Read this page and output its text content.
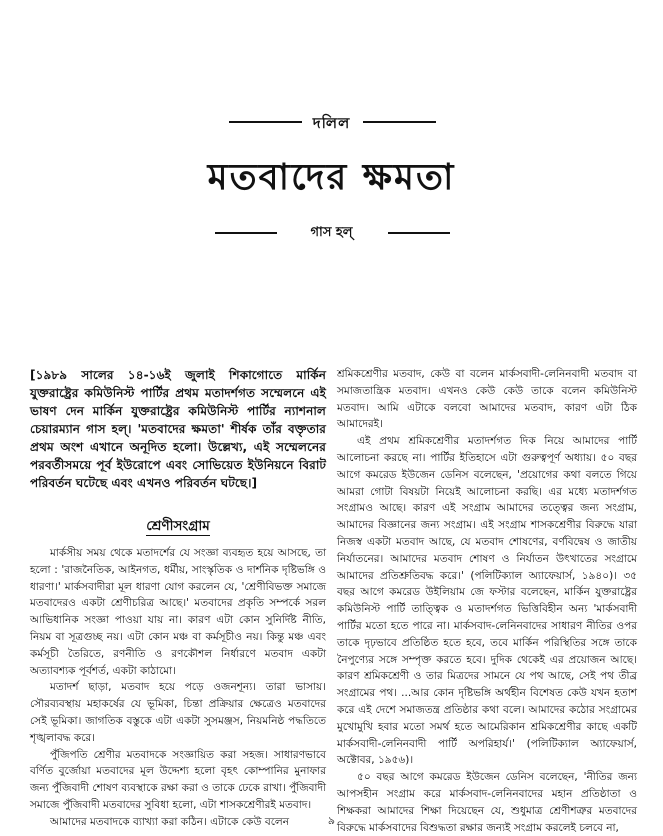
দলিল
মতবাদের ক্ষমতা
গাস হল্
[১৯৮৯ সালের ১৪-১৬ই জুলাই শিকাগোতে মার্কিন যুক্তরাষ্ট্রের কমিউনিস্ট পার্টির প্রথম মতাদর্শগত সম্মেলনে এই ভাষণ দেন মার্কিন যুক্তরাষ্ট্রের কমিউনিস্ট পার্টির ন্যাশনাল চেয়ারম্যান গাস হল্। 'মতবাদের ক্ষমতা' শীর্ষক তাঁর বক্তৃতার প্রথম অংশ এখানে অনূদিত হলো। উল্লেখ্য, এই সম্মেলনের পরবর্তীসময়ে পূর্ব ইউরোপে এবং সোভিয়েত ইউনিয়নে বিরাট পরিবর্তন ঘটেছে এবং এখনও পরিবর্তন ঘটছে।]
শ্রেণীসংগ্রাম

মার্কসীয় সময় থেকে মতাদর্শের যে সংজ্ঞা ব্যবহৃত হয়ে আসছে, তা হলো : 'রাজনৈতিক, আইনগত, ধর্মীয়, সাংস্কৃতিক ও দার্শনিক দৃষ্টিভঙ্গি ও ধারণা।' মার্কসবাদীরা মূল ধারণা যোগ করলেন যে, 'শ্রেণীবিভক্ত সমাজে মতবাদেরও একটা শ্রেণীচরিত্র আছে।' মতবাদের প্রকৃতি সম্পর্কে সরল আভিধানিক সংজ্ঞা পাওয়া যায় না। কারণ এটা কোন সুনির্দিষ্ট নীতি, নিয়ম বা সূত্রগুচ্ছ নয়। এটা কোন মঞ্চ বা কর্মসূচীও নয়। কিন্তু মঞ্চ এবং কর্মসূচী তৈরিতে, রণনীতি ও রণকৌশল নির্ধারণে মতবাদ একটা অত্যাবশ্যক পূর্বশর্ত, একটা কাঠামো।

মতাদর্শ ছাড়া, মতবাদ হয়ে পড়ে ওজনশূন্য। তারা ভাসায়। সৌরব্যবস্থায় মহাকর্ষের যে ভূমিকা, চিন্তা প্রক্রিয়ার ক্ষেত্রেও মতবাদের সেই ভূমিকা। জাগতিক বস্তুকে এটা একটা সুসমঞ্জস, নিয়মনিষ্ঠ পদ্ধতিতে শৃঙ্খলাবদ্ধ করে।

পুঁজিপতি শ্রেণীর মতবাদকে সংজ্ঞায়িত করা সহজ। সাধারণভাবে বর্ণিত বুর্জোয়া মতবাদের মূল উদ্দেশ্য হলো বৃহৎ কোম্পানির মুনাফার জন্য পুঁজিবাদী শোষণ ব্যবস্থাকে রক্ষা করা ও তাকে ঢেকে রাখা। পুঁজিবাদী সমাজে পুঁজিবাদী মতবাদের সুবিধা হলো, এটা শাসকশ্রেণীরই মতবাদ।

আমাদের মতবাদকে ব্যাখ্যা করা কঠিন। এটাকে কেউ বলেন

শ্রমিকশ্রেণীর মতবাদ, কেউ বা বলেন মার্কসবাদী-লেনিনবাদী মতবাদ বা সমাজতান্ত্রিক মতবাদ। এখনও কেউ কেউ তাকে বলেন কমিউনিস্ট মতবাদ। আমি এটাকে বলবো আমাদের মতবাদ, কারণ এটা ঠিক আমাদেরই।

এই প্রথম শ্রমিকশ্রেণীর মতাদর্শগত দিক নিয়ে আমাদের পার্টি আলোচনা করছে না। পার্টির ইতিহাসে এটা গুরুত্বপূর্ণ অধ্যায়। ৫০ বছর আগে কমরেড ইউজেন ডেনিস বলেছেন, 'প্রয়োগের কথা বলতে গিয়ে আমরা গোটা বিষয়টা নিয়েই আলোচনা করছি। এর মধ্যে মতাদর্শগত সংগ্রামও আছে। কারণ এই সংগ্রাম আমাদের তত্ত্বের জন্য সংগ্রাম, আমাদের বিজ্ঞানের জন্য সংগ্রাম। এই সংগ্রাম শাসকশ্রেণীর বিরুদ্ধে যারা নিজস্ব একটা মতবাদ আছে, যে মতবাদ শোষণের, বর্ণবিদ্বেষ ও জাতীয় নির্যাতনের। আমাদের মতবাদ শোষণ ও নির্যাতন উৎখাতের সংগ্রামে আমাদের প্রতিশ্রুতিবদ্ধ করে।' (পলিটিক্যাল অ্যাফেয়ার্স, ১৯৪০)। ৩৫ বছর আগে কমরেড উইলিয়াম জে ফস্টার বলেছেন, মার্কিন যুক্তরাষ্ট্রের কমিউনিস্ট পার্টি তাত্ত্বিক ও মতাদর্শগত ভিত্তিবিহীন অন্য 'মার্কসবাদী পার্টির মতো হতে পারে না। মার্কসবাদ-লেনিনবাদের সাধারণ নীতির ওপর তাকে দৃঢ়ভাবে প্রতিষ্ঠিত হতে হবে, তবে মার্কিন পরিস্থিতির সঙ্গে তাকে নৈপুণ্যের সঙ্গে সম্পৃক্ত করতে হবে। দুদিক থেকেই এর প্রয়োজন আছে। কারণ শ্রমিকশ্রেণী ও তার মিত্রদের সামনে যে পথ আছে, সেই পথ তীব্র সংগ্রামের পথ। ...আর কোন দৃষ্টিভঙ্গি অর্থহীন বিশেষত কেউ যখন হতাশ করে এই দেশে সমাজতন্ত্র প্রতিষ্ঠার কথা বলে। আমাদের কঠোর সংগ্রামের মুখোমুখি হবার মতো সমর্থ হতে আমেরিকান শ্রমিকশ্রেণীর কাছে একটি মার্কসবাদী-লেনিনবাদী পার্টি অপরিহার্য।' (পলিটিক্যাল অ্যাফেয়ার্স, অক্টোবর, ১৯৫৬)।

৫০ বছর আগে কমরেড ইউজেন ডেনিস বলেছেন, 'নীতির জন্য আপসহীন সংগ্রাম করে মার্কসবাদ-লেনিনবাদের মহান প্রতিষ্ঠাতা ও শিক্ষকরা আমাদের শিক্ষা দিয়েছেন যে, শুধুমাত্র শ্রেণীশত্রুর মতবাদের বিরুদ্ধে মার্কসবাদের বিশুদ্ধতা রক্ষার জন্যই সংগ্রাম করলেই চলবে না,

৯
